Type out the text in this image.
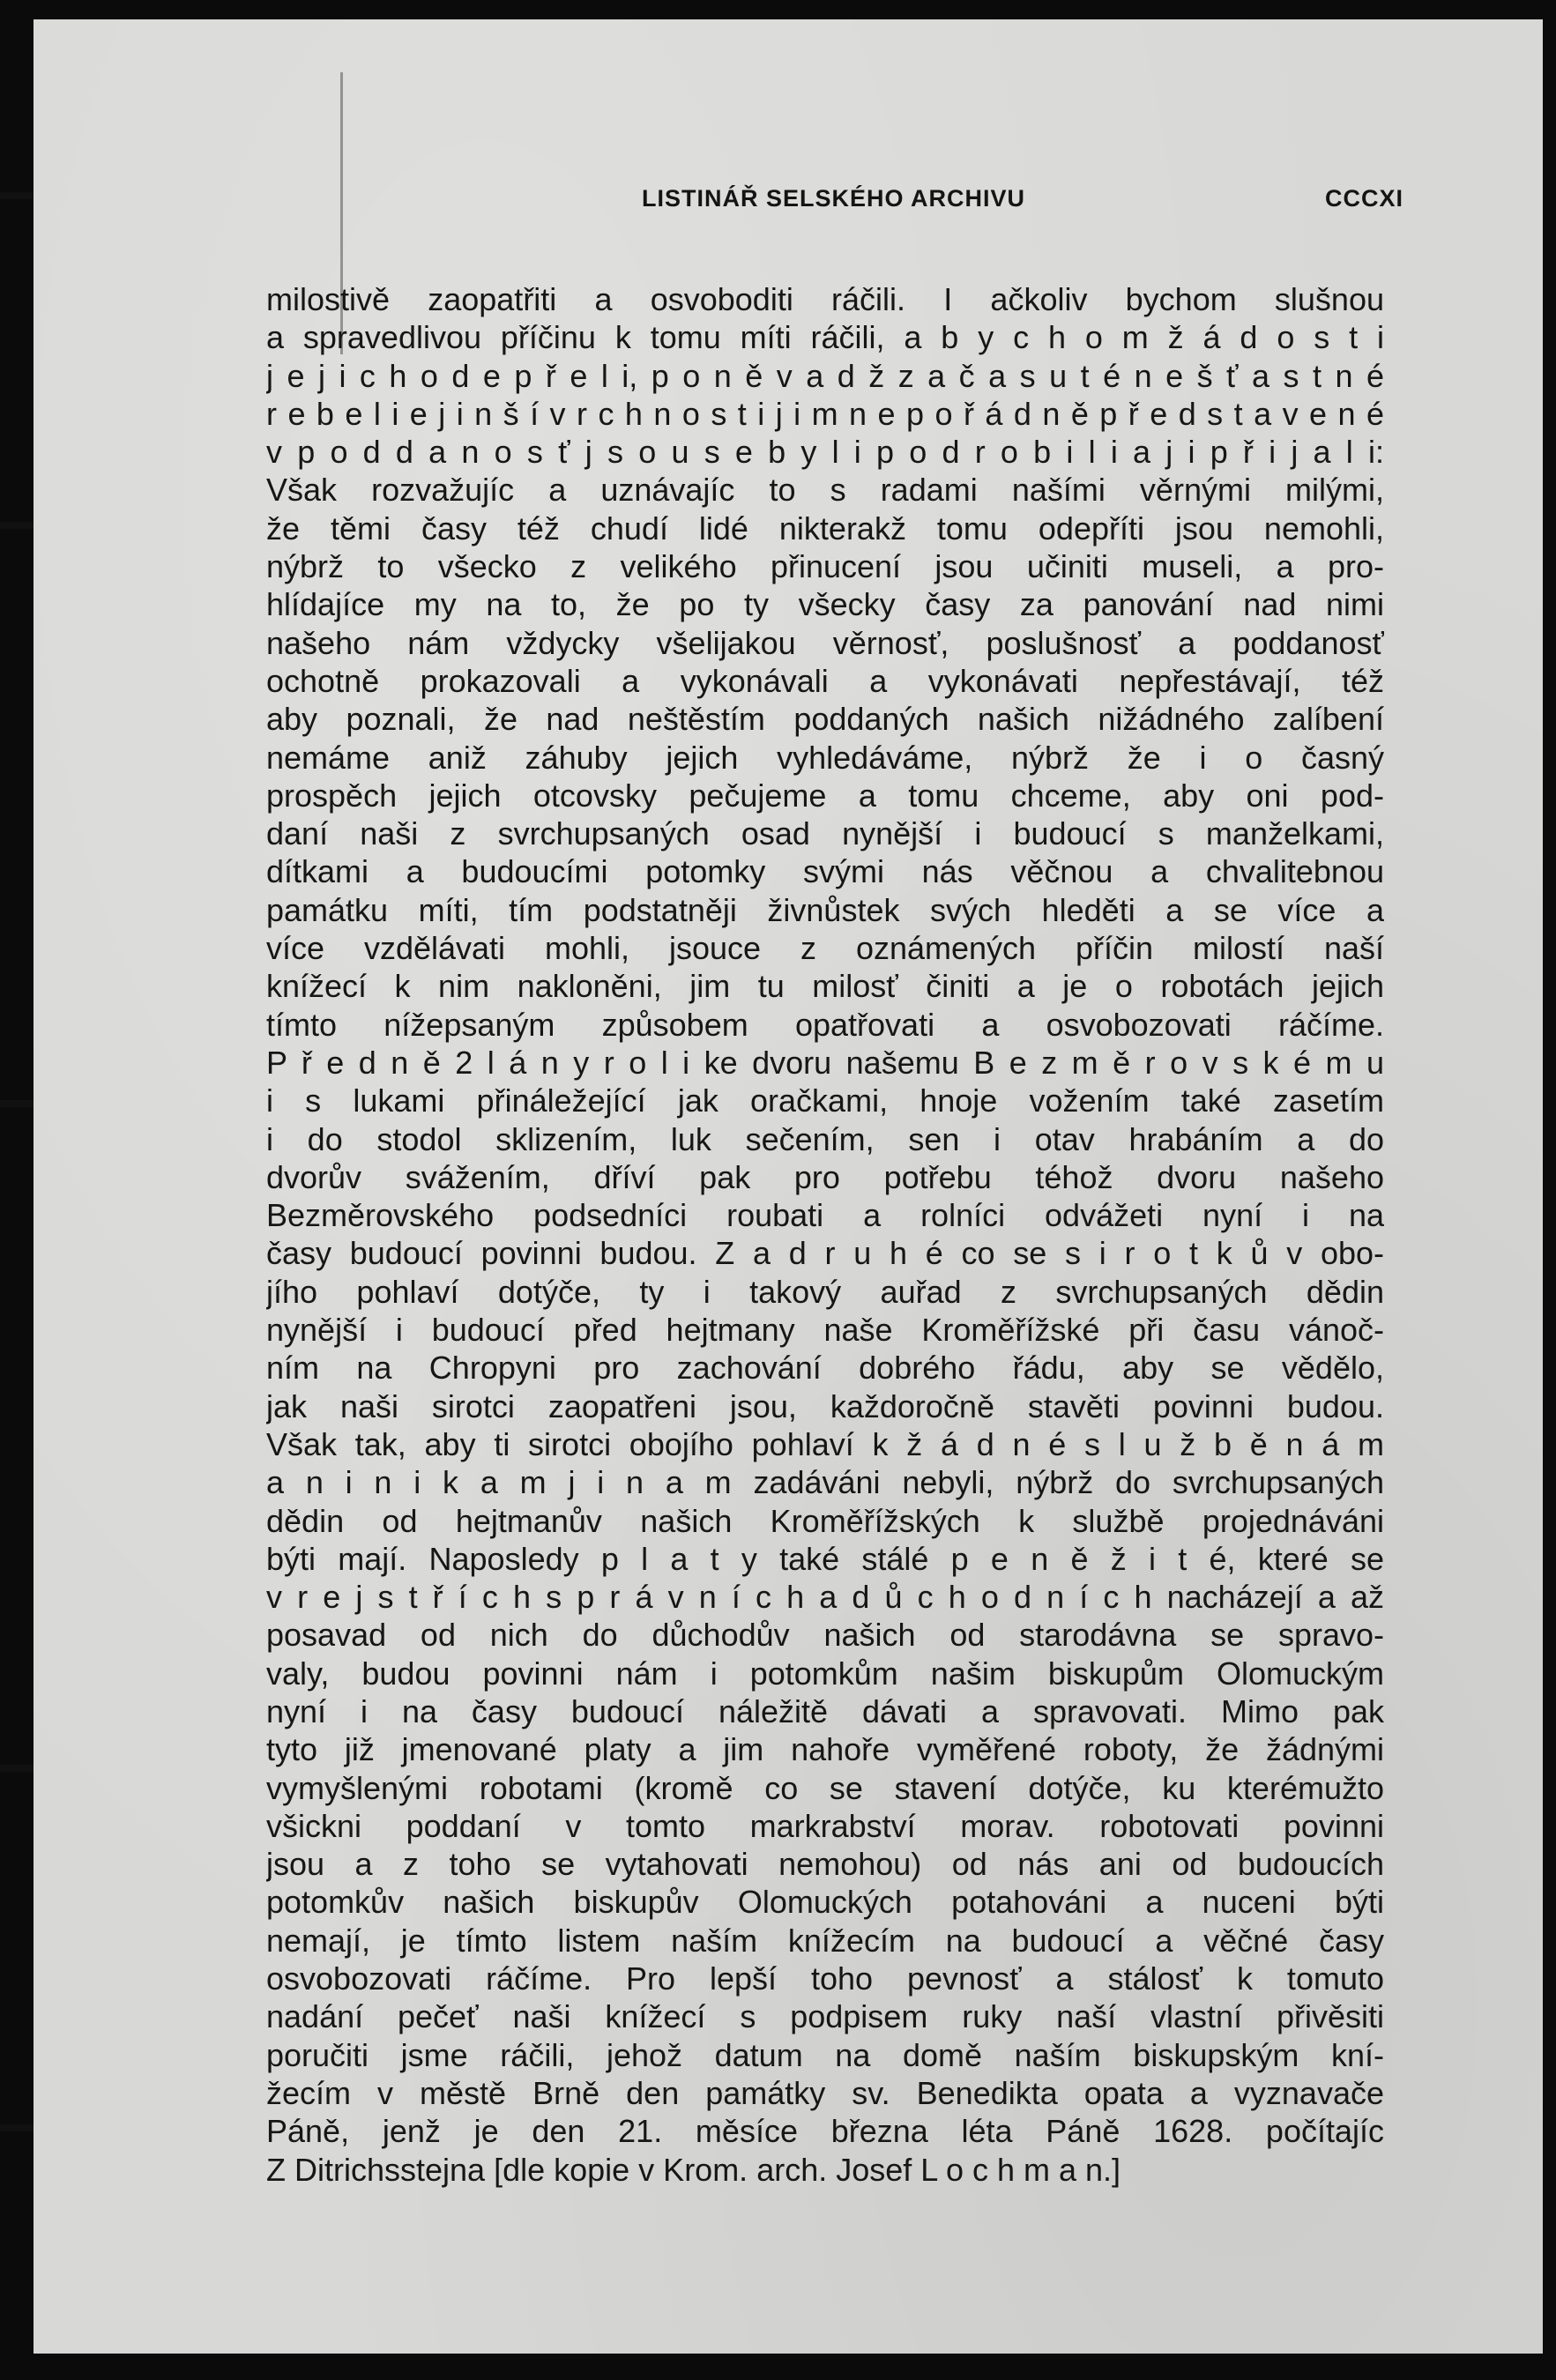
LISTINÁŘ SELSKÉHO ARCHIVU	CCCXI
milostivě zaopatřiti a osvoboditi ráčili. I ačkoliv bychom slušnou
a spravedlivou příčinu k tomu míti ráčili, a b y c h o m ž á d o s t i
j e j i c h o d e p ř e l i, p o n ě v a d ž z a č a s u t é n e š ť a s t n é
r e b e l i e j i n š í v r c h n o s t i j i m n e p o ř á d n ě p ř e d s t a v e n é
v p o d d a n o s ť j s o u s e b y l i p o d r o b i l i a j i p ř i j a l i:
Však rozvažujíc a uznávajíc to s radami našími věrnými milými,
že těmi časy též chudí lidé nikterakž tomu odepříti jsou nemohli,
nýbrž to všecko z velikého přinucení jsou učiniti museli, a pro-
hlídajíce my na to, že po ty všecky časy za panování nad nimi
našeho nám vždycky všelijakou věrnosť, poslušnosť a poddanosť
ochotně prokazovali a vykonávali a vykonávati nepřestávají, též
aby poznali, že nad neštěstím poddaných našich nižádného zalíbení
nemáme aniž záhuby jejich vyhledáváme, nýbrž že i o časný
prospěch jejich otcovsky pečujeme a tomu chceme, aby oni pod-
daní naši z svrchupsaných osad nynější i budoucí s manželkami,
dítkami a budoucími potomky svými nás věčnou a chvalitebnou
památku míti, tím podstatněji živnůstek svých hleděti a se více a
více vzdělávati mohli, jsouce z oznámených příčin milostí naší
knížecí k nim nakloněni, jim tu milosť činiti a je o robotách jejich
tímto nížepsaným způsobem opatřovati a osvobozovati ráčíme.
P ř e d n ě 2 l á n y r o l i ke dvoru našemu B e z m ě r o v s k é m u
i s lukami přináležející jak oračkami, hnoje vožením také zasetím
i do stodol sklizením, luk sečením, sen i otav hrabáním a do
dvorův svážením, dříví pak pro potřebu téhož dvoru našeho
Bezměrovského podsedníci roubati a rolníci odvážeti nyní i na
časy budoucí povinni budou. Z a d r u h é co se s i r o t k ů v obo-
jího pohlaví dotýče, ty i takový auřad z svrchupsaných dědin
nynější i budoucí před hejtmany naše Kroměřížské při času vánoč-
ním na Chropyni pro zachování dobrého řádu, aby se vědělo,
jak naši sirotci zaopatřeni jsou, každoročně stavěti povinni budou.
Však tak, aby ti sirotci obojího pohlaví k ž á d n é s l u ž b ě n á m
a n i n i k a m j i n a m zadáváni nebyli, nýbrž do svrchupsaných
dědin od hejtmanův našich Kroměřížských k službě projednáváni
býti mají. Naposledy p l a t y také stálé p e n ě ž i t é, které se
v r e j s t ř í c h s p r á v n í c h a d ů c h o d n í c h nacházejí a až
posavad od nich do důchodův našich od starodávna se spravo-
valy, budou povinni nám i potomkům našim biskupům Olomuckým
nyní i na časy budoucí náležitě dávati a spravovati. Mimo pak
tyto již jmenované platy a jim nahoře vyměřené roboty, že žádnými
vymyšlenými robotami (kromě co se stavení dotýče, ku kterémužto
všickni poddaní v tomto markrabství morav. robotovati povinni
jsou a z toho se vytahovati nemohou) od nás ani od budoucích
potomkův našich biskupův Olomuckých potahováni a nuceni býti
nemají, je tímto listem naším knížecím na budoucí a věčné časy
osvobozovati ráčíme. Pro lepší toho pevnosť a stálosť k tomuto
nadání pečeť naši knížecí s podpisem ruky naší vlastní přivěsiti
poručiti jsme ráčili, jehož datum na domě naším biskupským kní-
žecím v městě Brně den památky sv. Benedikta opata a vyznavače
Páně, jenž je den 21. měsíce března léta Páně 1628. počítajíc
Z Ditrichsstejna [dle kopie v Krom. arch. Josef L o c h m a n.]
